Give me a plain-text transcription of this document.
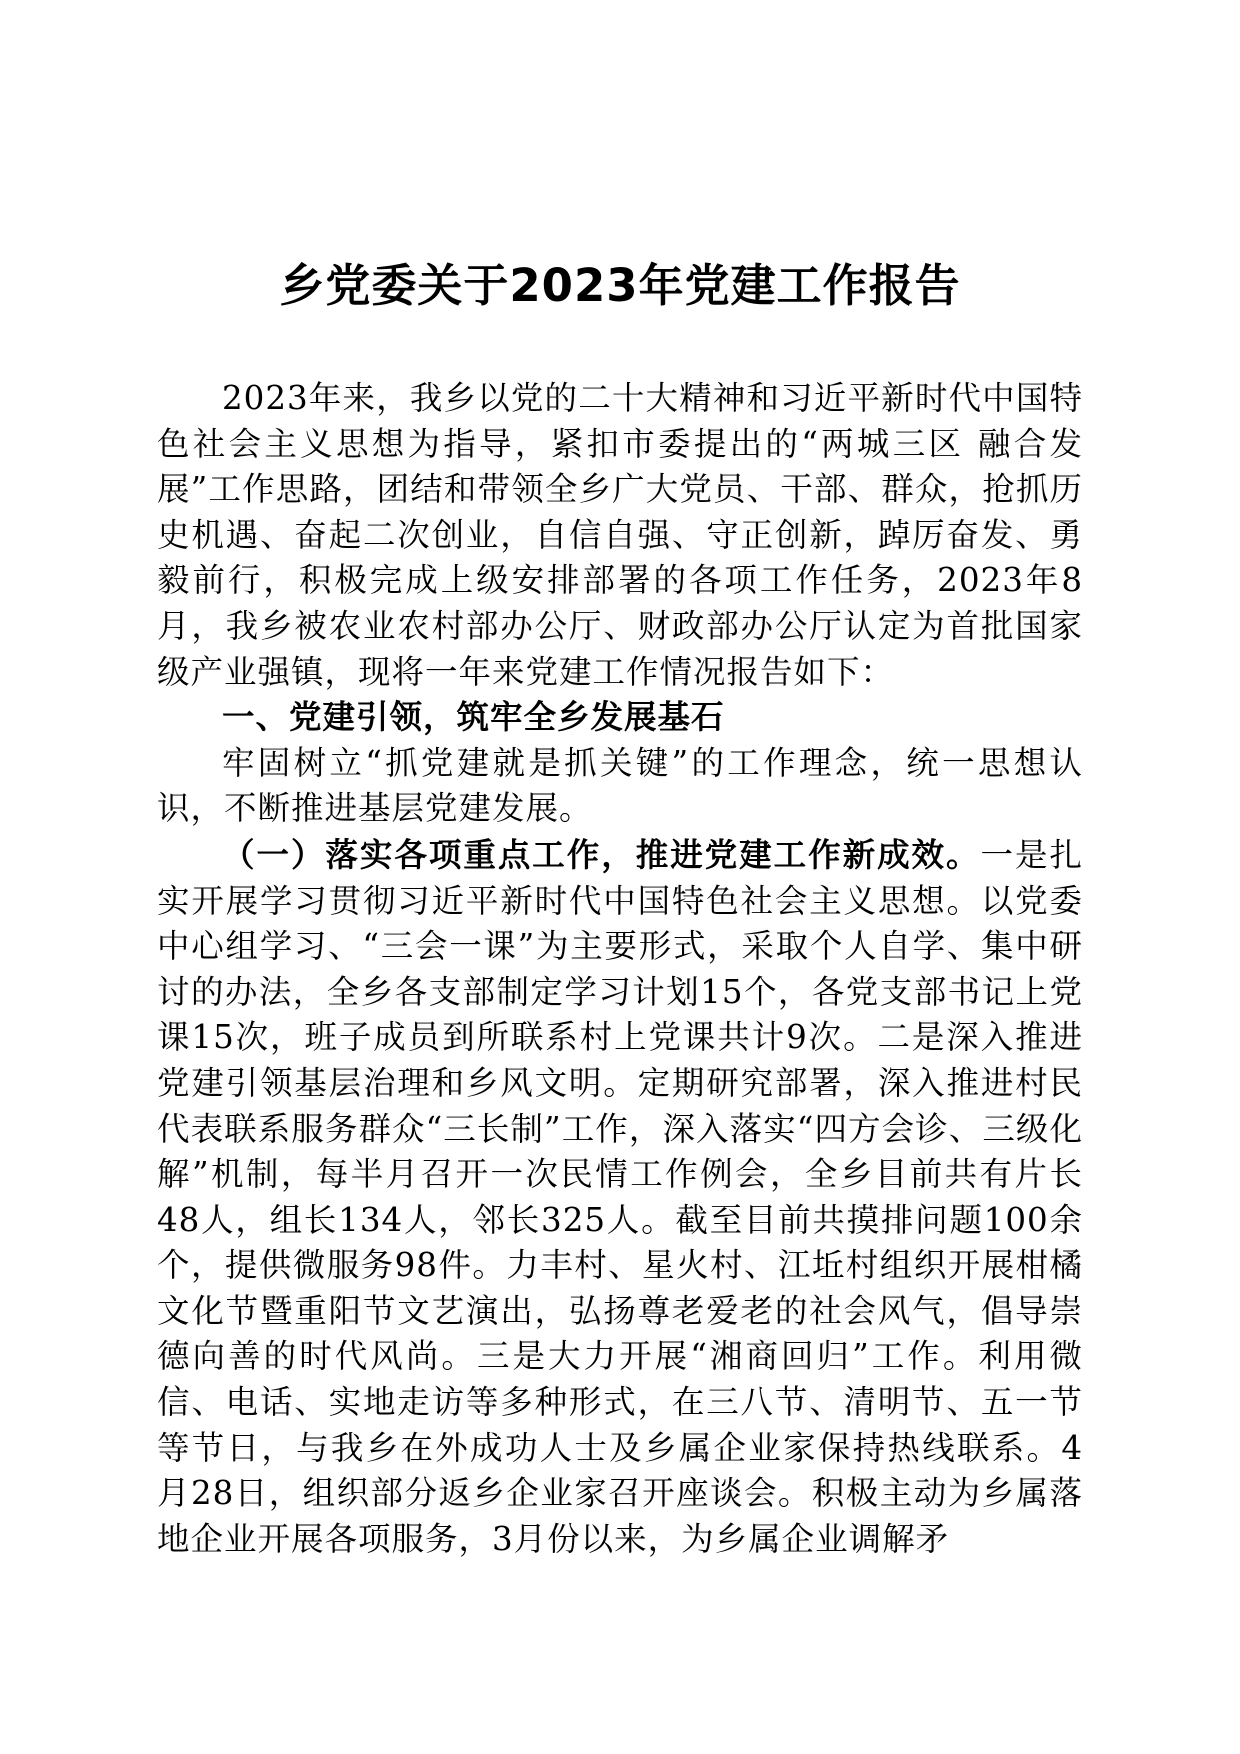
乡党委关于2023年党建工作报告

2023年来，我乡以党的二十大精神和习近平新时代中国特色社会主义思想为指导，紧扣市委提出的“两城三区 融合发展”工作思路，团结和带领全乡广大党员、干部、群众，抢抓历史机遇、奋起二次创业，自信自强、守正创新，踔厉奋发、勇毅前行，积极完成上级安排部署的各项工作任务，2023年8月，我乡被农业农村部办公厅、财政部办公厅认定为首批国家级产业强镇，现将一年来党建工作情况报告如下：

一、党建引领，筑牢全乡发展基石

牢固树立“抓党建就是抓关键”的工作理念，统一思想认识，不断推进基层党建发展。

（一）落实各项重点工作，推进党建工作新成效。一是扎实开展学习贯彻习近平新时代中国特色社会主义思想。以党委中心组学习、“三会一课”为主要形式，采取个人自学、集中研讨的办法，全乡各支部制定学习计划15个，各党支部书记上党课15次，班子成员到所联系村上党课共计9次。二是深入推进党建引领基层治理和乡风文明。定期研究部署，深入推进村民代表联系服务群众“三长制”工作，深入落实“四方会诊、三级化解”机制，每半月召开一次民情工作例会，全乡目前共有片长48人，组长134人，邻长325人。截至目前共摸排问题100余个，提供微服务98件。力丰村、星火村、江坵村组织开展柑橘文化节暨重阳节文艺演出，弘扬尊老爱老的社会风气，倡导崇德向善的时代风尚。三是大力开展“湘商回归”工作。利用微信、电话、实地走访等多种形式，在三八节、清明节、五一节等节日，与我乡在外成功人士及乡属企业家保持热线联系。4月28日，组织部分返乡企业家召开座谈会。积极主动为乡属落地企业开展各项服务，3月份以来，为乡属企业调解矛
